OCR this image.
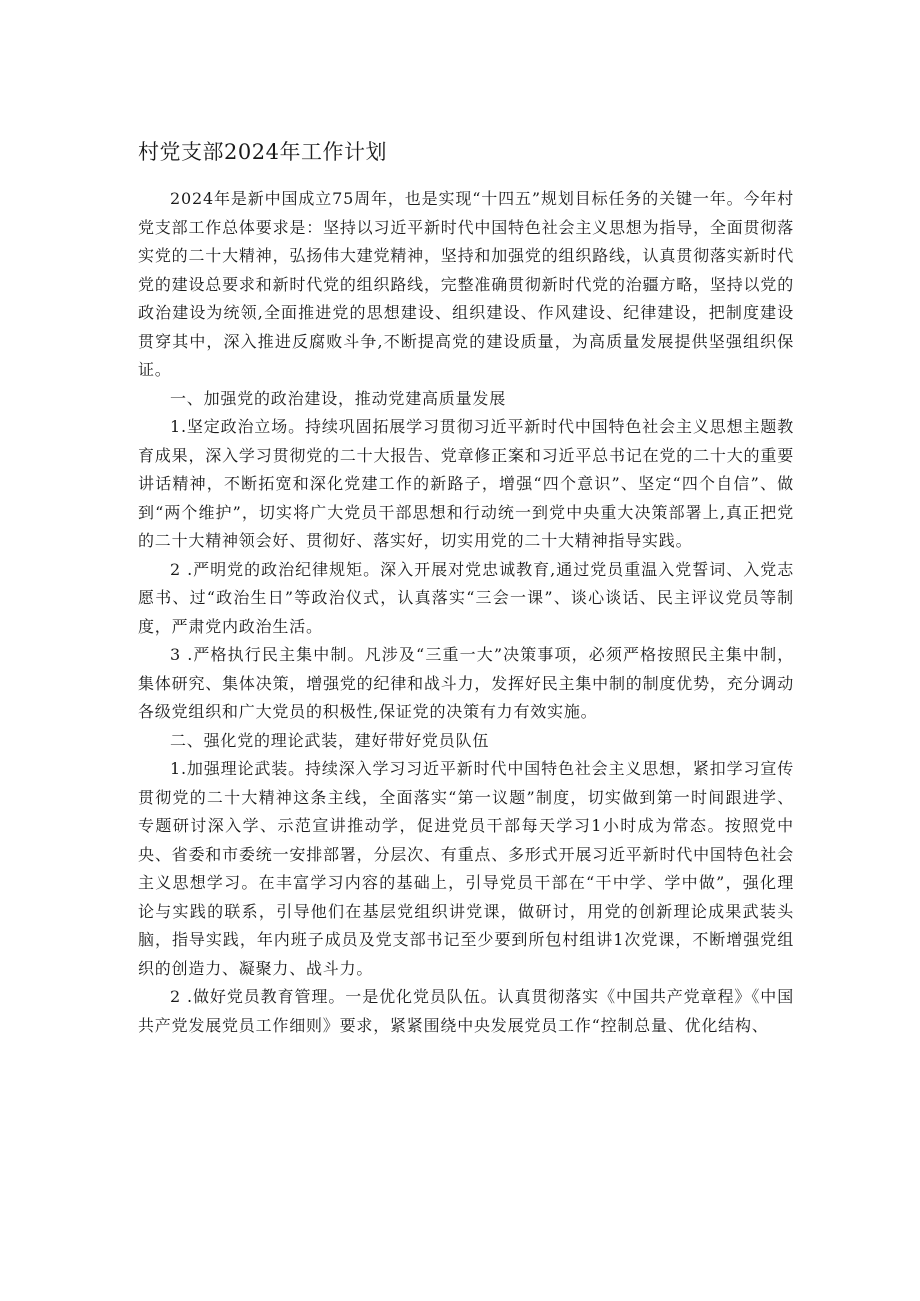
村党支部2024年工作计划

2024年是新中国成立75周年，也是实现“十四五”规划目标任务的关键一年。今年村党支部工作总体要求是：坚持以习近平新时代中国特色社会主义思想为指导，全面贯彻落实党的二十大精神，弘扬伟大建党精神，坚持和加强党的组织路线，认真贯彻落实新时代党的建设总要求和新时代党的组织路线，完整准确贯彻新时代党的治疆方略，坚持以党的政治建设为统领,全面推进党的思想建设、组织建设、作风建设、纪律建设，把制度建设贯穿其中，深入推进反腐败斗争,不断提高党的建设质量，为高质量发展提供坚强组织保证。

一、加强党的政治建设，推动党建高质量发展

1.坚定政治立场。持续巩固拓展学习贯彻习近平新时代中国特色社会主义思想主题教育成果，深入学习贯彻党的二十大报告、党章修正案和习近平总书记在党的二十大的重要讲话精神，不断拓宽和深化党建工作的新路子，增强“四个意识”、坚定“四个自信”、做到“两个维护”，切实将广大党员干部思想和行动统一到党中央重大决策部署上,真正把党的二十大精神领会好、贯彻好、落实好，切实用党的二十大精神指导实践。

2 .严明党的政治纪律规矩。深入开展对党忠诚教育,通过党员重温入党誓词、入党志愿书、过“政治生日”等政治仪式，认真落实“三会一课”、谈心谈话、民主评议党员等制度，严肃党内政治生活。

3 .严格执行民主集中制。凡涉及“三重一大”决策事项，必须严格按照民主集中制，集体研究、集体决策，增强党的纪律和战斗力，发挥好民主集中制的制度优势，充分调动各级党组织和广大党员的积极性,保证党的决策有力有效实施。

二、强化党的理论武装，建好带好党员队伍

1.加强理论武装。持续深入学习习近平新时代中国特色社会主义思想，紧扣学习宣传贯彻党的二十大精神这条主线，全面落实“第一议题”制度，切实做到第一时间跟进学、专题研讨深入学、示范宣讲推动学，促进党员干部每天学习1小时成为常态。按照党中央、省委和市委统一安排部署，分层次、有重点、多形式开展习近平新时代中国特色社会主义思想学习。在丰富学习内容的基础上，引导党员干部在“干中学、学中做”，强化理论与实践的联系，引导他们在基层党组织讲党课，做研讨，用党的创新理论成果武装头脑，指导实践，年内班子成员及党支部书记至少要到所包村组讲1次党课，不断增强党组织的创造力、凝聚力、战斗力。

2 .做好党员教育管理。一是优化党员队伍。认真贯彻落实《中国共产党章程》《中国共产党发展党员工作细则》要求，紧紧围绕中央发展党员工作“控制总量、优化结构、
